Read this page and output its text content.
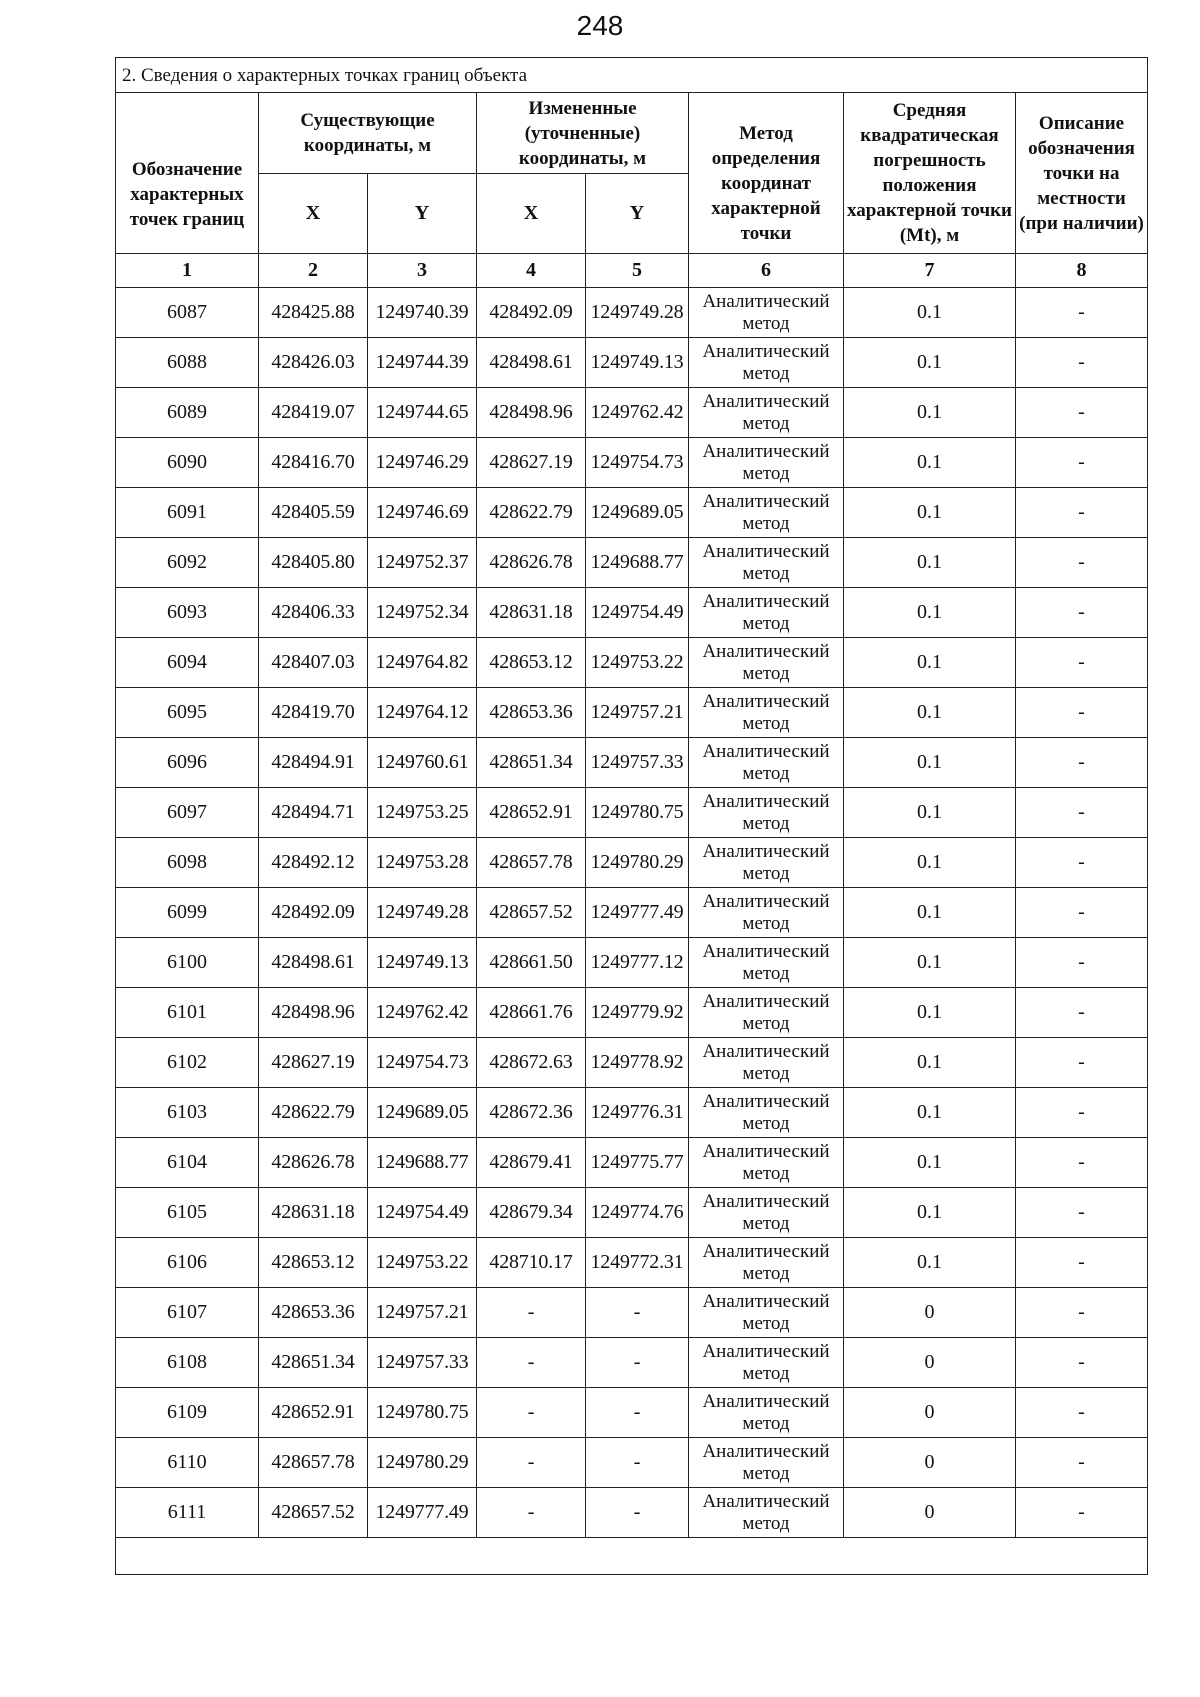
248
2. Сведения о характерных точках границ объекта							
Обозначение характерных точек границ	Существующие координаты, м		Измененные (уточненные) координаты, м		Метод определения координат характерной точки	Средняя квадратическая погрешность положения характерной точки (Mt), м	Описание обозначения точки на местности (при наличии)
	X	Y	X	Y			
1	2	3	4	5	6	7	8
6087	428425.88	1249740.39	428492.09	1249749.28	Аналитический метод	0.1	-
6088	428426.03	1249744.39	428498.61	1249749.13	Аналитический метод	0.1	-
6089	428419.07	1249744.65	428498.96	1249762.42	Аналитический метод	0.1	-
6090	428416.70	1249746.29	428627.19	1249754.73	Аналитический метод	0.1	-
6091	428405.59	1249746.69	428622.79	1249689.05	Аналитический метод	0.1	-
6092	428405.80	1249752.37	428626.78	1249688.77	Аналитический метод	0.1	-
6093	428406.33	1249752.34	428631.18	1249754.49	Аналитический метод	0.1	-
6094	428407.03	1249764.82	428653.12	1249753.22	Аналитический метод	0.1	-
6095	428419.70	1249764.12	428653.36	1249757.21	Аналитический метод	0.1	-
6096	428494.91	1249760.61	428651.34	1249757.33	Аналитический метод	0.1	-
6097	428494.71	1249753.25	428652.91	1249780.75	Аналитический метод	0.1	-
6098	428492.12	1249753.28	428657.78	1249780.29	Аналитический метод	0.1	-
6099	428492.09	1249749.28	428657.52	1249777.49	Аналитический метод	0.1	-
6100	428498.61	1249749.13	428661.50	1249777.12	Аналитический метод	0.1	-
6101	428498.96	1249762.42	428661.76	1249779.92	Аналитический метод	0.1	-
6102	428627.19	1249754.73	428672.63	1249778.92	Аналитический метод	0.1	-
6103	428622.79	1249689.05	428672.36	1249776.31	Аналитический метод	0.1	-
6104	428626.78	1249688.77	428679.41	1249775.77	Аналитический метод	0.1	-
6105	428631.18	1249754.49	428679.34	1249774.76	Аналитический метод	0.1	-
6106	428653.12	1249753.22	428710.17	1249772.31	Аналитический метод	0.1	-
6107	428653.36	1249757.21	-	-	Аналитический метод	0	-
6108	428651.34	1249757.33	-	-	Аналитический метод	0	-
6109	428652.91	1249780.75	-	-	Аналитический метод	0	-
6110	428657.78	1249780.29	-	-	Аналитический метод	0	-
6111	428657.52	1249777.49	-	-	Аналитический метод	0	-
